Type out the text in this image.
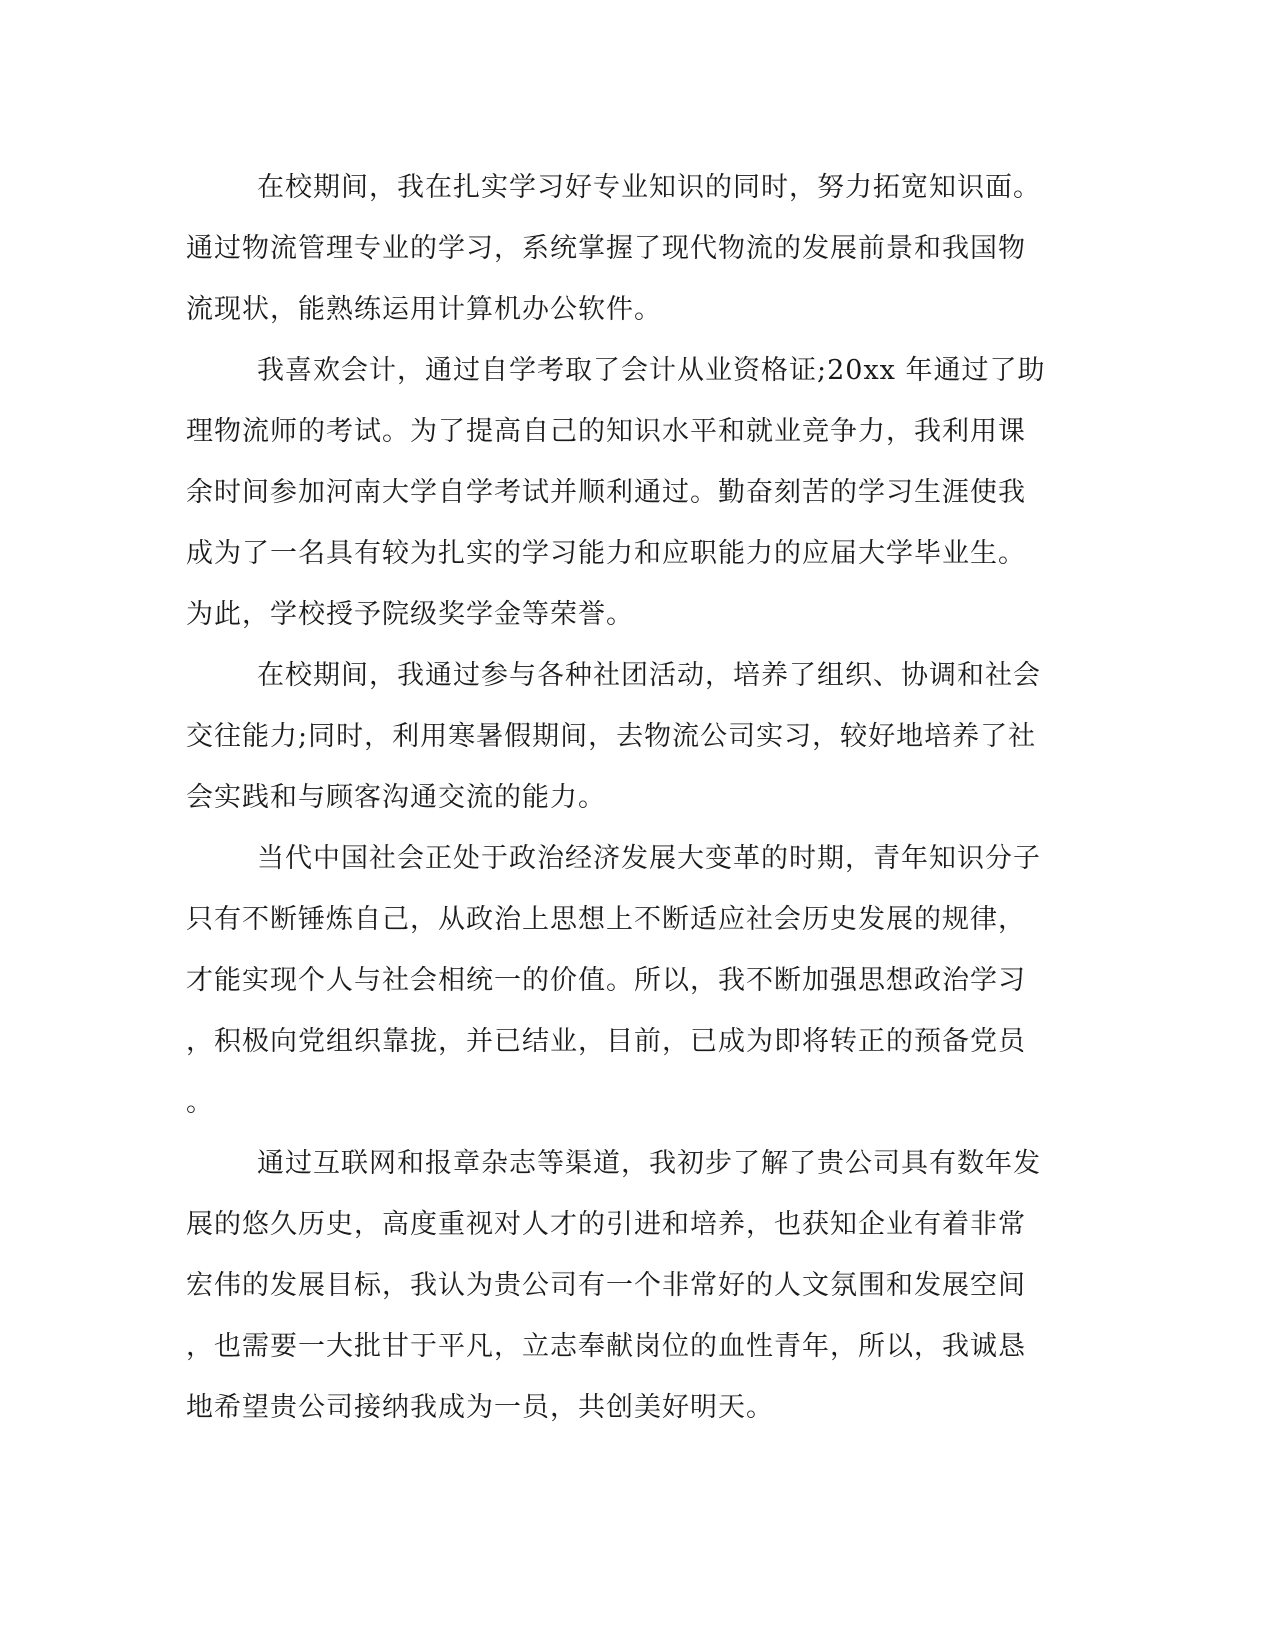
在校期间，我在扎实学习好专业知识的同时，努力拓宽知识面。
通过物流管理专业的学习，系统掌握了现代物流的发展前景和我国物
流现状，能熟练运用计算机办公软件。
我喜欢会计，通过自学考取了会计从业资格证;20xx 年通过了助
理物流师的考试。为了提高自己的知识水平和就业竞争力，我利用课
余时间参加河南大学自学考试并顺利通过。勤奋刻苦的学习生涯使我
成为了一名具有较为扎实的学习能力和应职能力的应届大学毕业生。
为此，学校授予院级奖学金等荣誉。
在校期间，我通过参与各种社团活动，培养了组织、协调和社会
交往能力;同时，利用寒暑假期间，去物流公司实习，较好地培养了社
会实践和与顾客沟通交流的能力。
当代中国社会正处于政治经济发展大变革的时期，青年知识分子
只有不断锤炼自己，从政治上思想上不断适应社会历史发展的规律，
才能实现个人与社会相统一的价值。所以，我不断加强思想政治学习
，积极向党组织靠拢，并已结业，目前，已成为即将转正的预备党员
。
通过互联网和报章杂志等渠道，我初步了解了贵公司具有数年发
展的悠久历史，高度重视对人才的引进和培养，也获知企业有着非常
宏伟的发展目标，我认为贵公司有一个非常好的人文氛围和发展空间
，也需要一大批甘于平凡，立志奉献岗位的血性青年，所以，我诚恳
地希望贵公司接纳我成为一员，共创美好明天。
